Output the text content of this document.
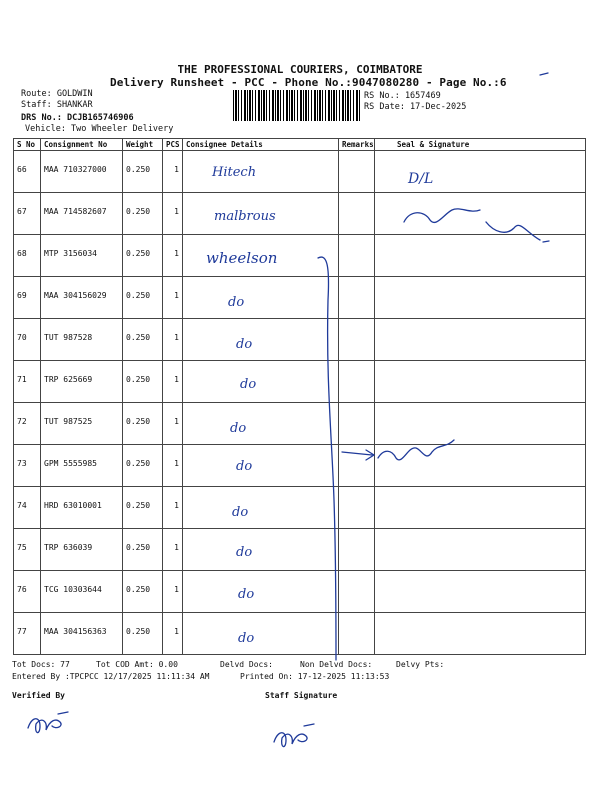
THE PROFESSIONAL COURIERS, COIMBATORE
Delivery Runsheet - PCC - Phone No.:9047080280 - Page No.:6
Route: GOLDWIN
Staff: SHANKAR
DRS No.: DCJB165746906
Vehicle: Two Wheeler Delivery
RS No.: 1657469
RS Date: 17-Dec-2025
S No	Consignment No	Weight	PCS	Consignee Details	Remarks	Seal & Signature
66	MAA 710327000	0.250	1	Hitech		D/L
67	MAA 714582607	0.250	1	malbrous		
68	MTP 3156034	0.250	1	wheelson		
69	MAA 304156029	0.250	1	do		
70	TUT 987528	0.250	1	do		
71	TRP 625669	0.250	1	do		
72	TUT 987525	0.250	1	do		
73	GPM 5555985	0.250	1	do		
74	HRD 63010001	0.250	1	do		
75	TRP 636039	0.250	1	do		
76	TCG 10303644	0.250	1	do		
77	MAA 304156363	0.250	1	do		
Tot Docs: 77	Tot COD Amt: 0.00	Delvd Docs:	Non Delvd Docs:	Delvy Pts:
Entered By :TPCPCC 12/17/2025 11:11:34 AM	Printed On: 17-12-2025 11:13:53
Verified By	Staff Signature
